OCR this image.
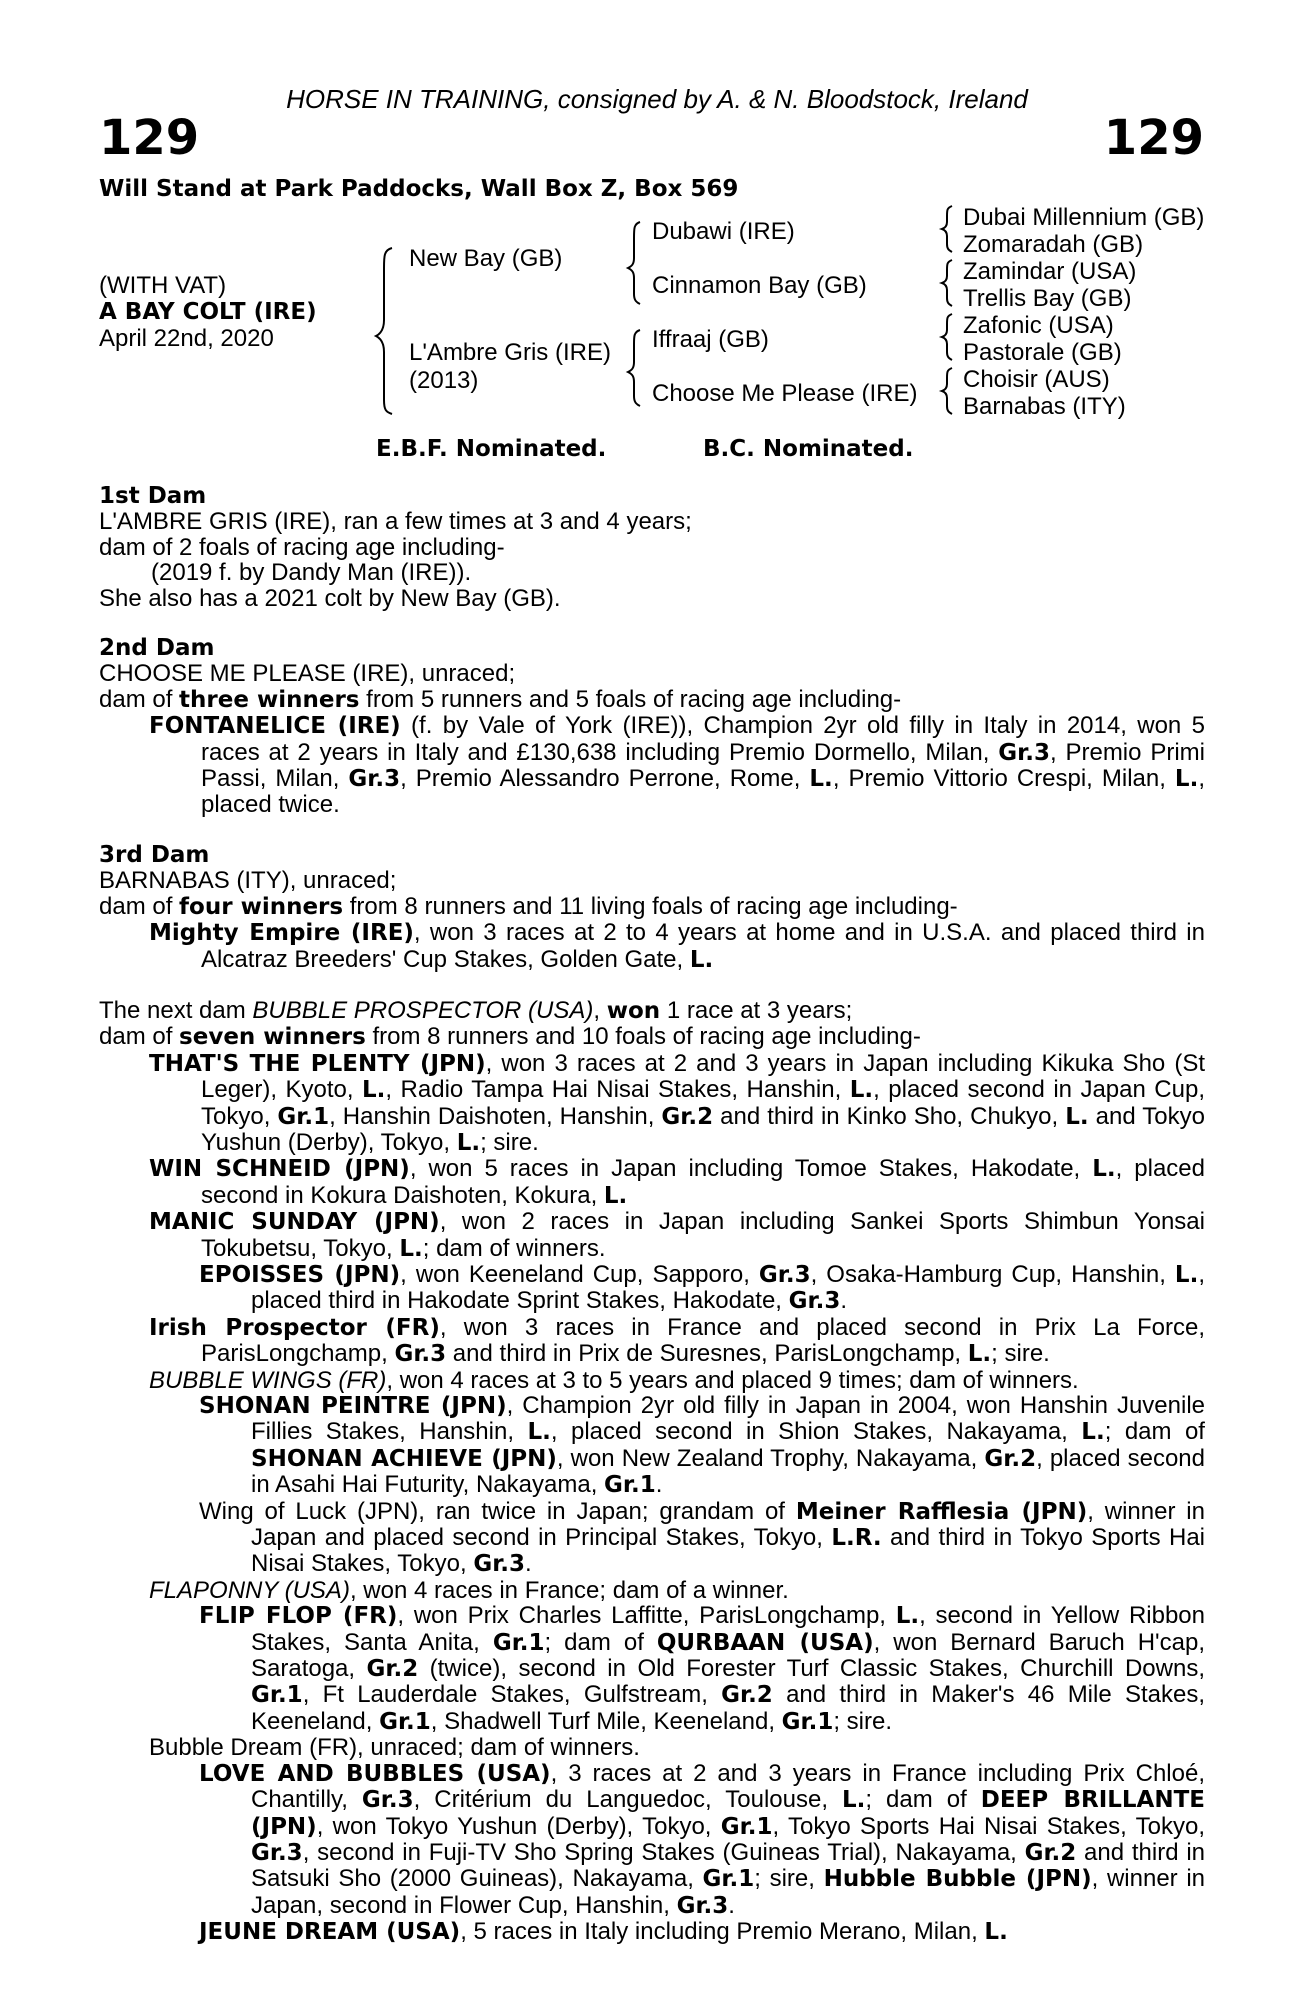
HORSE IN TRAINING, consigned by A. & N. Bloodstock, Ireland
129	129
Will Stand at Park Paddocks, Wall Box Z, Box 569
(WITH VAT)
A BAY COLT (IRE)
April 22nd, 2020
New Bay (GB)
L'Ambre Gris (IRE)
(2013)
Dubawi (IRE)
Cinnamon Bay (GB)
Iffraaj (GB)
Choose Me Please (IRE)
Dubai Millennium (GB)
Zomaradah (GB)
Zamindar (USA)
Trellis Bay (GB)
Zafonic (USA)
Pastorale (GB)
Choisir (AUS)
Barnabas (ITY)
E.B.F. Nominated.	B.C. Nominated.
1st Dam

L'AMBRE GRIS (IRE), ran a few times at 3 and 4 years;

dam of 2 foals of racing age including-

(2019 f. by Dandy Man (IRE)).

She also has a 2021 colt by New Bay (GB).

2nd Dam

CHOOSE ME PLEASE (IRE), unraced;

dam of three winners from 5 runners and 5 foals of racing age including-

FONTANELICE (IRE) (f. by Vale of York (IRE)), Champion 2yr old filly in Italy in 2014, won 5 races at 2 years in Italy and £130,638 including Premio Dormello, Milan, Gr.3, Premio Primi Passi, Milan, Gr.3, Premio Alessandro Perrone, Rome, L., Premio Vittorio Crespi, Milan, L., placed twice.

3rd Dam

BARNABAS (ITY), unraced;

dam of four winners from 8 runners and 11 living foals of racing age including-

Mighty Empire (IRE), won 3 races at 2 to 4 years at home and in U.S.A. and placed third in Alcatraz Breeders' Cup Stakes, Golden Gate, L.

The next dam BUBBLE PROSPECTOR (USA), won 1 race at 3 years;

dam of seven winners from 8 runners and 10 foals of racing age including-

THAT'S THE PLENTY (JPN), won 3 races at 2 and 3 years in Japan including Kikuka Sho (St Leger), Kyoto, L., Radio Tampa Hai Nisai Stakes, Hanshin, L., placed second in Japan Cup, Tokyo, Gr.1, Hanshin Daishoten, Hanshin, Gr.2 and third in Kinko Sho, Chukyo, L. and Tokyo Yushun (Derby), Tokyo, L.; sire.

WIN SCHNEID (JPN), won 5 races in Japan including Tomoe Stakes, Hakodate, L., placed second in Kokura Daishoten, Kokura, L.

MANIC SUNDAY (JPN), won 2 races in Japan including Sankei Sports Shimbun Yonsai Tokubetsu, Tokyo, L.; dam of winners.

EPOISSES (JPN), won Keeneland Cup, Sapporo, Gr.3, Osaka-Hamburg Cup, Hanshin, L., placed third in Hakodate Sprint Stakes, Hakodate, Gr.3.

Irish Prospector (FR), won 3 races in France and placed second in Prix La Force, ParisLongchamp, Gr.3 and third in Prix de Suresnes, ParisLongchamp, L.; sire.

BUBBLE WINGS (FR), won 4 races at 3 to 5 years and placed 9 times; dam of winners.

SHONAN PEINTRE (JPN), Champion 2yr old filly in Japan in 2004, won Hanshin Juvenile Fillies Stakes, Hanshin, L., placed second in Shion Stakes, Nakayama, L.; dam of SHONAN ACHIEVE (JPN), won New Zealand Trophy, Nakayama, Gr.2, placed second in Asahi Hai Futurity, Nakayama, Gr.1.

Wing of Luck (JPN), ran twice in Japan; grandam of Meiner Rafflesia (JPN), winner in Japan and placed second in Principal Stakes, Tokyo, L.R. and third in Tokyo Sports Hai Nisai Stakes, Tokyo, Gr.3.

FLAPONNY (USA), won 4 races in France; dam of a winner.

FLIP FLOP (FR), won Prix Charles Laffitte, ParisLongchamp, L., second in Yellow Ribbon Stakes, Santa Anita, Gr.1; dam of QURBAAN (USA), won Bernard Baruch H'cap, Saratoga, Gr.2 (twice), second in Old Forester Turf Classic Stakes, Churchill Downs, Gr.1, Ft Lauderdale Stakes, Gulfstream, Gr.2 and third in Maker's 46 Mile Stakes, Keeneland, Gr.1, Shadwell Turf Mile, Keeneland, Gr.1; sire.

Bubble Dream (FR), unraced; dam of winners.

LOVE AND BUBBLES (USA), 3 races at 2 and 3 years in France including Prix Chloé, Chantilly, Gr.3, Critérium du Languedoc, Toulouse, L.; dam of DEEP BRILLANTE (JPN), won Tokyo Yushun (Derby), Tokyo, Gr.1, Tokyo Sports Hai Nisai Stakes, Tokyo, Gr.3, second in Fuji-TV Sho Spring Stakes (Guineas Trial), Nakayama, Gr.2 and third in Satsuki Sho (2000 Guineas), Nakayama, Gr.1; sire, Hubble Bubble (JPN), winner in Japan, second in Flower Cup, Hanshin, Gr.3.

JEUNE DREAM (USA), 5 races in Italy including Premio Merano, Milan, L.
